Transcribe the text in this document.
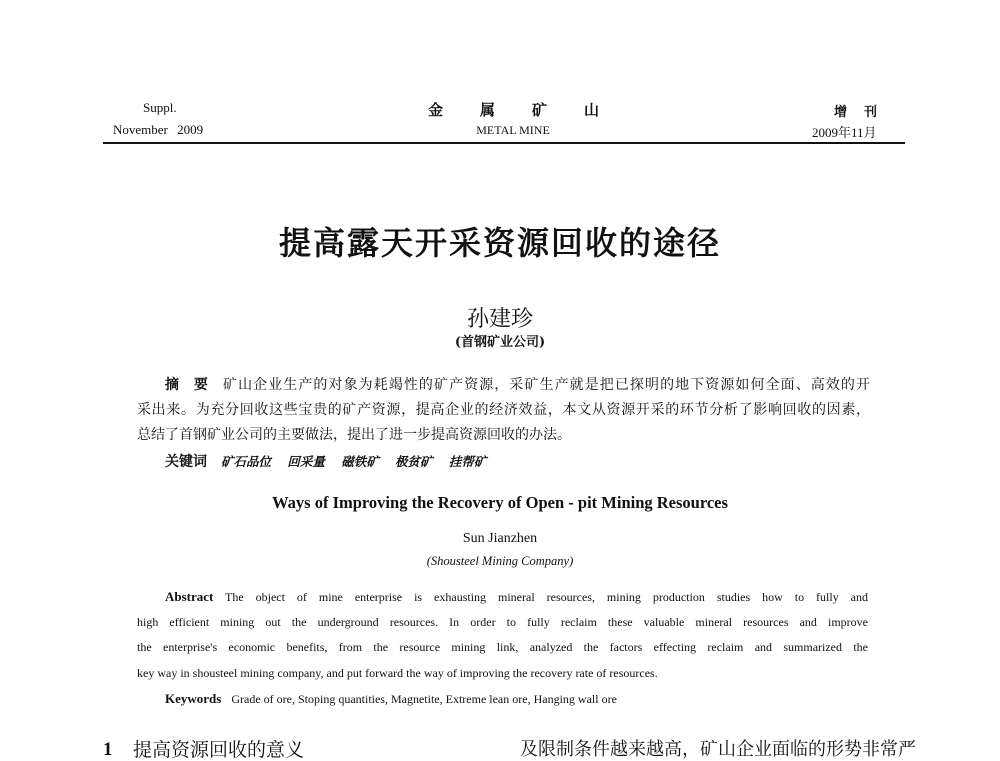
Suppl.
November 2009
金属矿山
METAL MINE
增刊
2009年11月
提高露天开采资源回收的途径
孙建珍
(首钢矿业公司)
摘 要	矿山企业生产的对象为耗竭性的矿产资源，采矿生产就是把已探明的地下资源如何全面、高效的开
采出来。为充分回收这些宝贵的矿产资源，提高企业的经济效益，本文从资源开采的环节分析了影响回收的因素，
总结了首钢矿业公司的主要做法，提出了进一步提高资源回收的办法。
关键词 矿石品位 回采量 磁铁矿 极贫矿 挂帮矿
Ways of Improving the Recovery of Open - pit Mining Resources
Sun Jianzhen
(Shousteel Mining Company)
Abstract The object of mine enterprise is exhausting mineral resources, mining production studies how to fully and
high efficient mining out the underground resources. In order to fully reclaim these valuable mineral resources and improve
the enterprise's economic benefits, from the resource mining link, analyzed the factors effecting reclaim and summarized the
key way in shousteel mining company, and put forward the way of improving the recovery rate of resources.
Keywords Grade of ore, Stoping quantities, Magnetite, Extreme lean ore, Hanging wall ore
1 提高资源回收的意义	及限制条件越来越高，矿山企业面临的形势非常严
